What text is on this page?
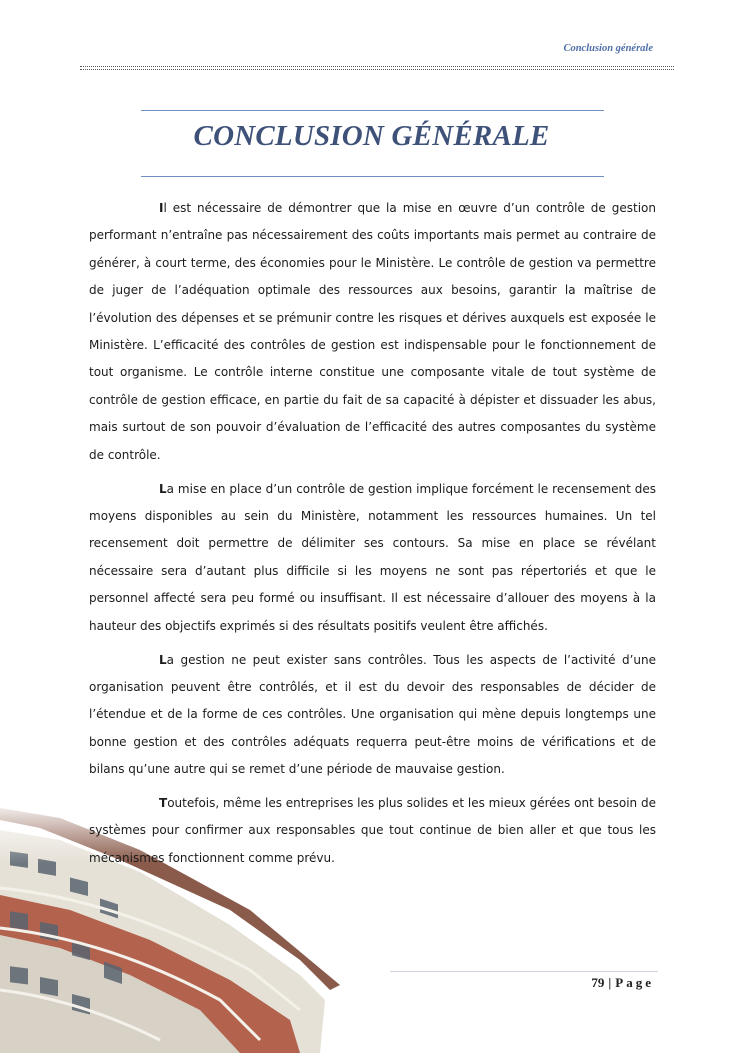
Conclusion générale
CONCLUSION GÉNÉRALE

Il est nécessaire de démontrer que la mise en œuvre d’un contrôle de gestion performant n’entraîne pas nécessairement des coûts importants mais permet au contraire de générer, à court terme, des économies pour le Ministère. Le contrôle de gestion va permettre de juger de l’adéquation optimale des ressources aux besoins, garantir la maîtrise de l’évolution des dépenses et se prémunir contre les risques et dérives auxquels est exposée le Ministère. L’efficacité des contrôles de gestion est indispensable pour le fonctionnement de tout organisme. Le contrôle interne constitue une composante vitale de tout système de contrôle de gestion efficace, en partie du fait de sa capacité à dépister et dissuader les abus, mais surtout de son pouvoir d’évaluation de l’efficacité des autres composantes du système de contrôle.

La mise en place d’un contrôle de gestion implique forcément le recensement des moyens disponibles au sein du Ministère, notamment les ressources humaines. Un tel recensement doit permettre de délimiter ses contours. Sa mise en place se révélant nécessaire sera d’autant plus difficile si les moyens ne sont pas répertoriés et que le personnel affecté sera peu formé ou insuffisant. Il est nécessaire d’allouer des moyens à la hauteur des objectifs exprimés si des résultats positifs veulent être affichés.

La gestion ne peut exister sans contrôles. Tous les aspects de l’activité d’une organisation peuvent être contrôlés, et il est du devoir des responsables de décider de l’étendue et de la forme de ces contrôles. Une organisation qui mène depuis longtemps une bonne gestion et des contrôles adéquats requerra peut-être moins de vérifications et de bilans qu’une autre qui se remet d’une période de mauvaise gestion.

Toutefois, même les entreprises les plus solides et les mieux gérées ont besoin de systèmes pour confirmer aux responsables que tout continue de bien aller et que tous les mécanismes fonctionnent comme prévu.

79 | Page
